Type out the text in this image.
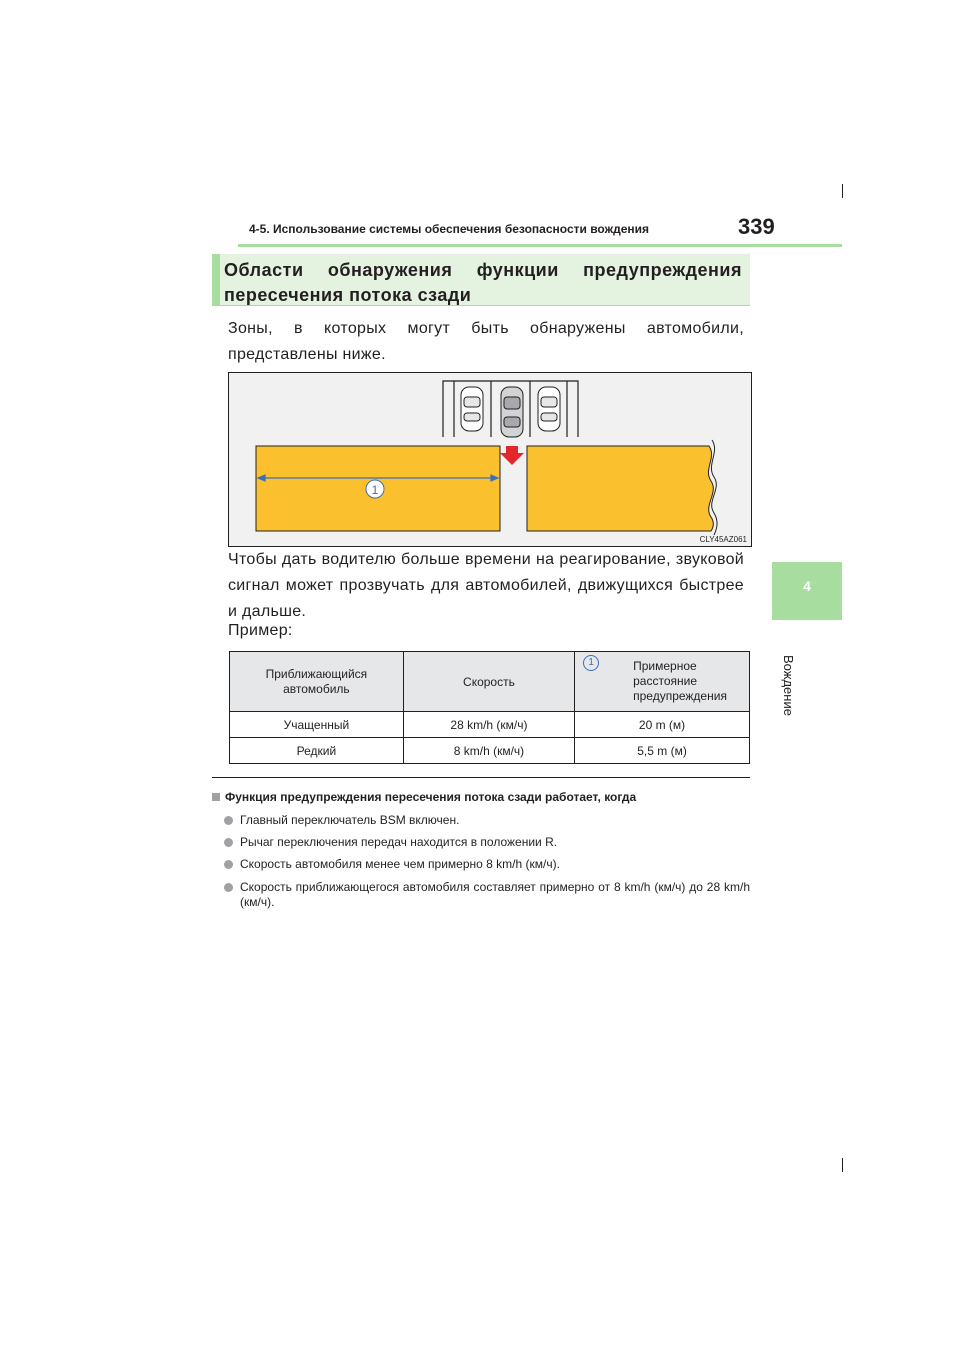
4-5. Использование системы обеспечения безопасности вождения	339
4
Вождение
Области обнаружения функции предупреждения пересечения потока сзади
Зоны, в которых могут быть обнаружены автомобили, представлены ниже.
1
CLY45AZ061
Чтобы дать водителю больше времени на реагирование, звуковой сигнал может прозвучать для автомобилей, движущихся быстрее и дальше.
Пример:
Приближающийся автомобиль	Скорость	1 Примерное расстояние предупреждения

Учащенный	28 km/h (км/ч)	20 m (м)
Редкий	8 km/h (км/ч)	5,5 m (м)
Функция предупреждения пересечения потока сзади работает, когда
Главный переключатель BSM включен.
Рычаг переключения передач находится в положении R.
Скорость автомобиля менее чем примерно 8 km/h (км/ч).
Скорость приближающегося автомобиля составляет примерно от 8 km/h (км/ч) до 28 km/h (км/ч).
